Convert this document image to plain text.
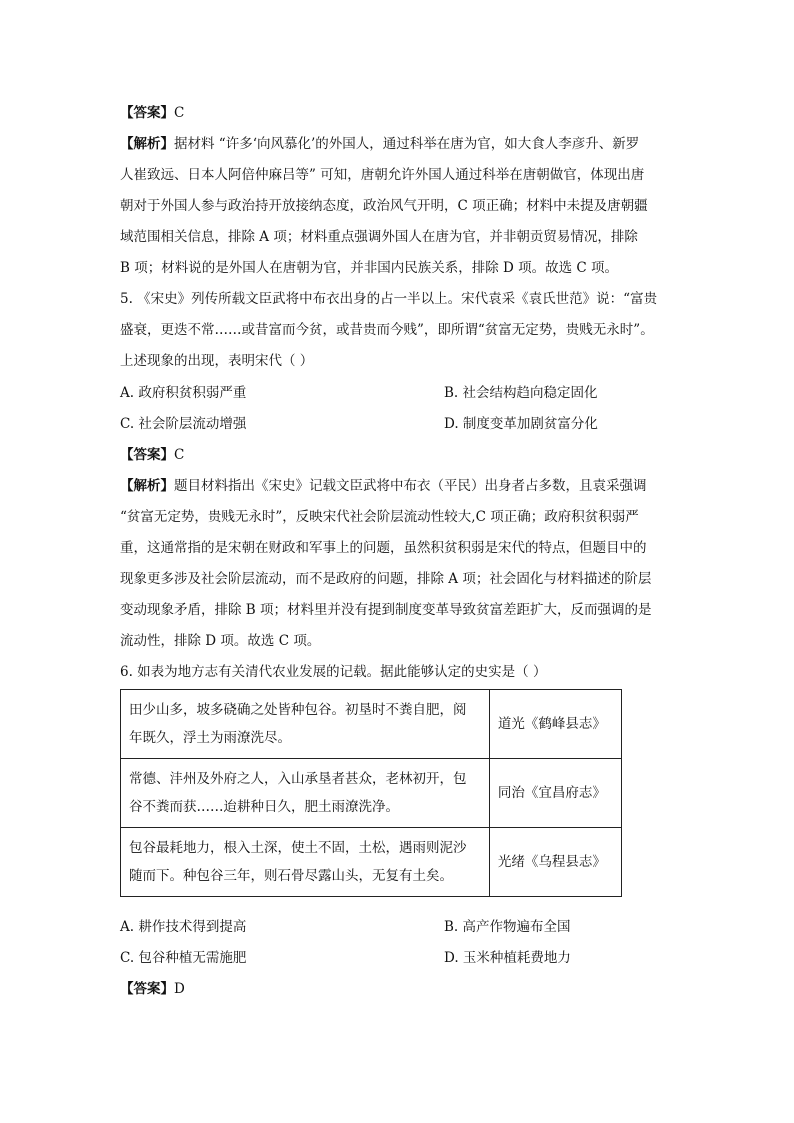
【答案】C
【解析】据材料 “许多‘向风慕化’的外国人，通过科举在唐为官，如大食人李彦升、新罗
人崔致远、日本人阿倍仲麻吕等” 可知，唐朝允许外国人通过科举在唐朝做官，体现出唐
朝对于外国人参与政治持开放接纳态度，政治风气开明，C 项正确；材料中未提及唐朝疆
域范围相关信息，排除 A 项；材料重点强调外国人在唐为官，并非朝贡贸易情况，排除
B 项；材料说的是外国人在唐朝为官，并非国内民族关系，排除 D 项。故选 C 项。
5. 《宋史》列传所载文臣武将中布衣出身的占一半以上。宋代袁采《袁氏世范》说：“富贵
盛衰，更迭不常……或昔富而今贫，或昔贵而今贱”，即所谓“贫富无定势，贵贱无永时”。
上述现象的出现，表明宋代（ ）
A. 政府积贫积弱严重	B. 社会结构趋向稳定固化
C. 社会阶层流动增强	D. 制度变革加剧贫富分化
【答案】C
【解析】题目材料指出《宋史》记载文臣武将中布衣（平民）出身者占多数，且袁采强调
“贫富无定势，贵贱无永时”，反映宋代社会阶层流动性较大,C 项正确；政府积贫积弱严
重，这通常指的是宋朝在财政和军事上的问题，虽然积贫积弱是宋代的特点，但题目中的
现象更多涉及社会阶层流动，而不是政府的问题，排除 A 项；社会固化与材料描述的阶层
变动现象矛盾，排除 B 项；材料里并没有提到制度变革导致贫富差距扩大，反而强调的是
流动性，排除 D 项。故选 C 项。
6. 如表为地方志有关清代农业发展的记载。据此能够认定的史实是（ ）
田少山多，坡多硗确之处皆种包谷。初垦时不粪自肥，阅
年既久，浮土为雨潦洗尽。	道光《鹤峰县志》

常德、沣州及外府之人，入山承垦者甚众，老林初开，包
谷不粪而获……迨耕种日久，肥土雨潦洗净。	同治《宜昌府志》

包谷最耗地力，根入土深，使土不固，土松，遇雨则泥沙
随而下。种包谷三年，则石骨尽露山头，无复有土矣。	光绪《乌程县志》
A. 耕作技术得到提高	B. 高产作物遍布全国
C. 包谷种植无需施肥	D. 玉米种植耗费地力
【答案】D
